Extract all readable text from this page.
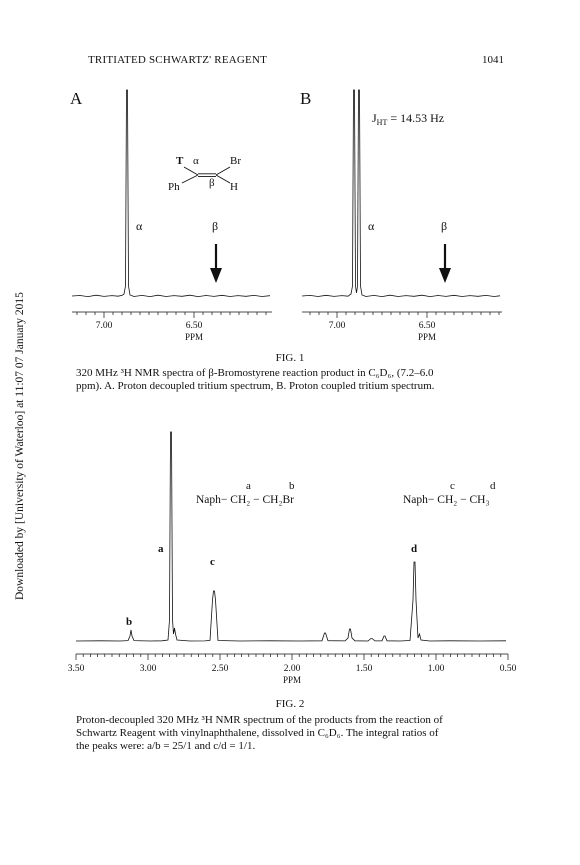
TRITIATED SCHWARTZ' REAGENT	1041
Downloaded by [University of Waterloo] at 11:07 07 January 2015
A
7.00	6.50
PPM
α	β
T α	Br
Ph	β H
B
$J_{HT} = 14.53$ Hz
7.00	6.50
PPM
α	β
FIG. 1
320 MHz ³H NMR spectra of β-Bromostyrene reaction product in C₆D₆, (7.2–6.0
ppm). A. Proton decoupled tritium spectrum, B. Proton coupled tritium spectrum.
3.50	3.00	2.50	2.00	1.50	1.00	0.50
PPM
b
a
c
d
a	b
Naph− CH₂ − CH₂Br
c	d
Naph− CH₂ − CH₃
FIG. 2
Proton-decoupled 320 MHz ³H NMR spectrum of the products from the reaction of
Schwartz Reagent with vinylnaphthalene, dissolved in C₆D₆. The integral ratios of
the peaks were: a/b = 25/1 and c/d = 1/1.
